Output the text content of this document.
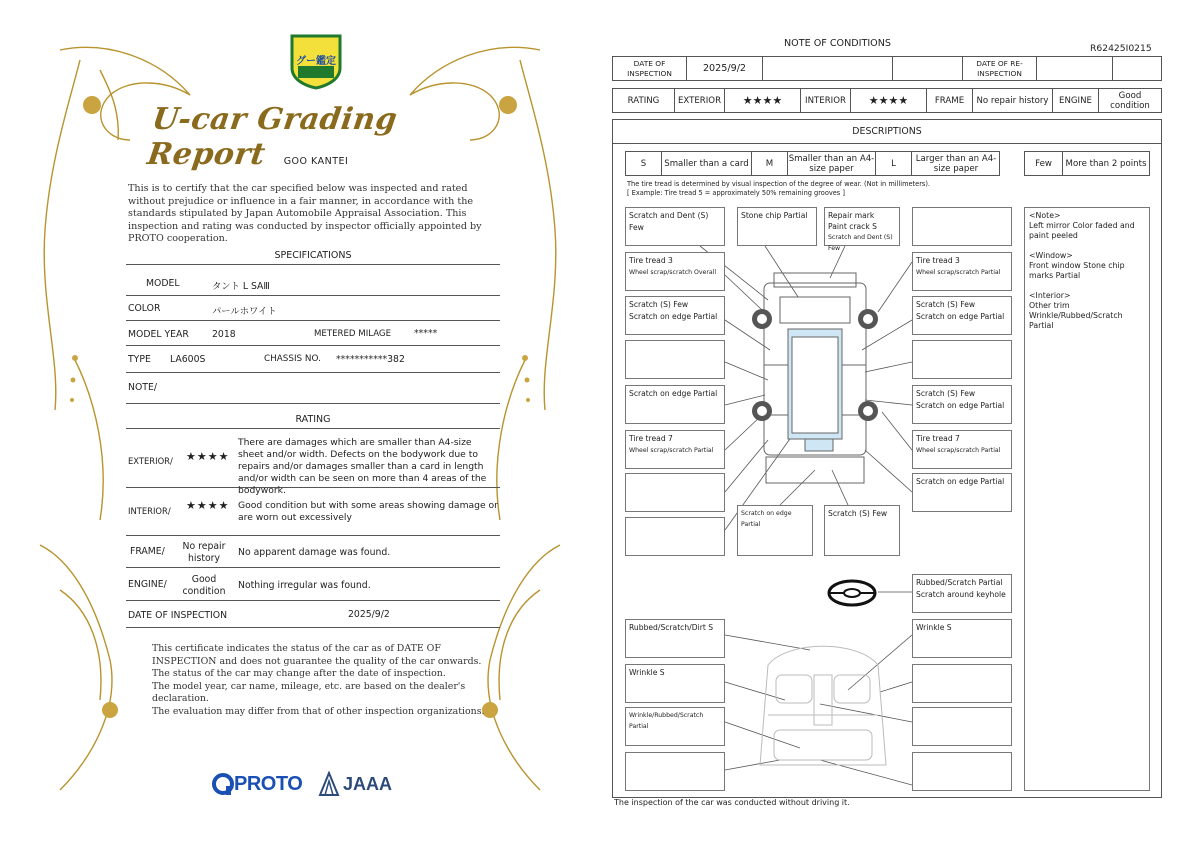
グー鑑定
U-car Grading Report	GOO KANTEI
This is to certify that the car specified below was inspected and rated without prejudice or influence in a fair manner, in accordance with the standards stipulated by Japan Automobile Appraisal Association. This inspection and rating was conducted by inspector officially appointed by PROTO cooperation.
SPECIFICATIONS
MODEL	タント L SAⅢ
COLOR	パールホワイト
MODEL YEAR 2018	METERED MILAGE *****
TYPE LA600S	CHASSIS NO. ***********382
NOTE/
RATING
EXTERIOR/ ★★★★
There are damages which are smaller than A4-size sheet and/or width. Defects on the bodywork due to repairs and/or damages smaller than a card in length and/or width can be seen on more than 4 areas of the bodywork.
INTERIOR/ ★★★★ Good condition but with some areas showing damage or are worn out excessively
FRAME/	No repair history
No apparent damage was found.
ENGINE/	Good condition
Nothing irregular was found.
DATE OF INSPECTION	2025/9/2
This certificate indicates the status of the car as of DATE OF
INSPECTION and does not guarantee the quality of the car onwards.
The status of the car may change after the date of inspection.
The model year, car name, mileage, etc. are based on the dealer's
declaration.
The evaluation may differ from that of other inspection organizations.
PROTO JAAA
NOTE OF CONDITIONS	R62425I0215
DATE OF INSPECTION	2025/9/2	DATE OF RE-INSPECTION
RATING	EXTERIOR	★★★★	INTERIOR	★★★★	FRAME	No repair history	ENGINE	Good condition
DESCRIPTIONS
S	Smaller than a card	M	Smaller than an A4-size paper	L	Larger than an A4-size paper	Few	More than 2 points
The tire tread is determined by visual inspection of the degree of wear. (Not in millimeters).
[ Example: Tire tread 5 = approximately 50% remaining grooves ]
Scratch and Dent (S) Few
Stone chip Partial	Repair mark
Paint crack S
Scratch and Dent (S) Few
Tire tread 3
Wheel scrap/scratch Overall
Tire tread 3
Wheel scrap/scratch Partial
Scratch (S) Few
Scratch on edge Partial
Scratch (S) Few
Scratch on edge Partial
Scratch on edge Partial	Scratch (S) Few
Scratch on edge Partial
Tire tread 7
Wheel scrap/scratch Partial
Tire tread 7
Wheel scrap/scratch Partial
Scratch on edge Partial
Scratch on edge Partial
Scratch (S) Few
Rubbed/Scratch Partial
Scratch around keyhole
Rubbed/Scratch/Dirt S	Wrinkle S
Wrinkle S
Wrinkle/Rubbed/Scratch Partial
<Note>
Left mirror Color faded and paint peeled
<Window>
Front window Stone chip marks Partial
<Interior>
Other trim
Wrinkle/Rubbed/Scratch Partial
The inspection of the car was conducted without driving it.
